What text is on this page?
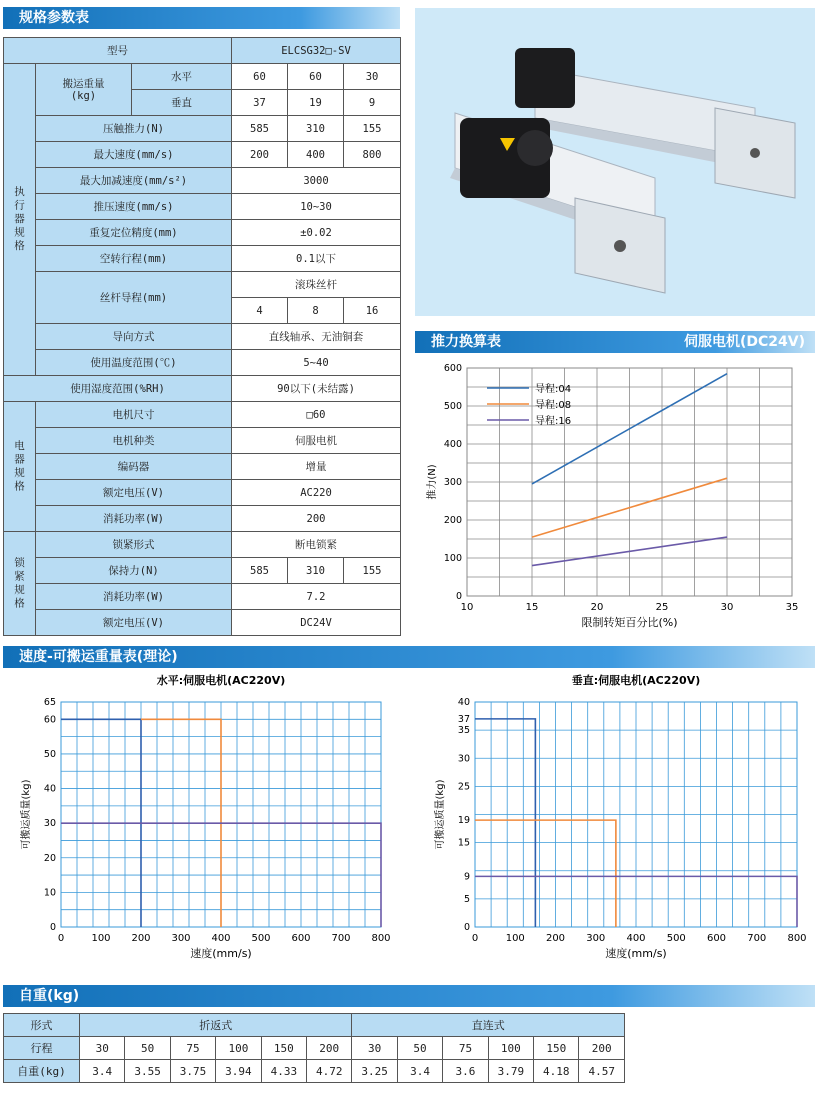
规格参数表
推力换算表	伺服电机(DC24V)
速度-可搬运重量表(理论)
自重(kg)
型号			ELCSG32□-SV		
执行器规格	搬运重量
(kg)	水平	60	60	30
		垂直	37	19	9
	压触推力(N)		585	310	155
	最大速度(mm/s)		200	400	800
	最大加减速度(mm/s²)		3000		
	推压速度(mm/s)		10~30		
	重复定位精度(mm)		±0.02		
	空转行程(mm)		0.1以下		
	丝杆导程(mm)		滚珠丝杆		
			4	8	16
	导向方式		直线轴承、无油铜套		
	使用温度范围(℃)		5~40		
使用湿度范围(%RH)			90以下(未结露)		
电器规格	电机尺寸		□60		
	电机种类		伺服电机		
	编码器		增量		
	额定电压(V)		AC220		
	消耗功率(W)		200		
锁紧规格	锁紧形式		断电锁紧		
	保持力(N)		585	310	155
	消耗功率(W)		7.2		
	额定电压(V)		DC24V		
10	15	20	25	30	35
0
100
200
300
400
500
600
限制转矩百分比(%)
推力(N)
导程:04
导程:08
导程:16
水平:伺服电机(AC220V)
0	100 200 300 400 500 600 700 800
0
10
20
30
40
50
60
65
速度(mm/s)
可搬运质量(kg)
垂直:伺服电机(AC220V)
0	100 200 300 400 500 600 700 800
0
5
9
15
19
25
30
35
37
40
速度(mm/s)
可搬运质量(kg)
形式	折返式						直连式					
行程	30	50	75	100	150	200	30	50	75	100	150	200
自重(kg)	3.4	3.55	3.75	3.94	4.33	4.72	3.25	3.4	3.6	3.79	4.18	4.57
